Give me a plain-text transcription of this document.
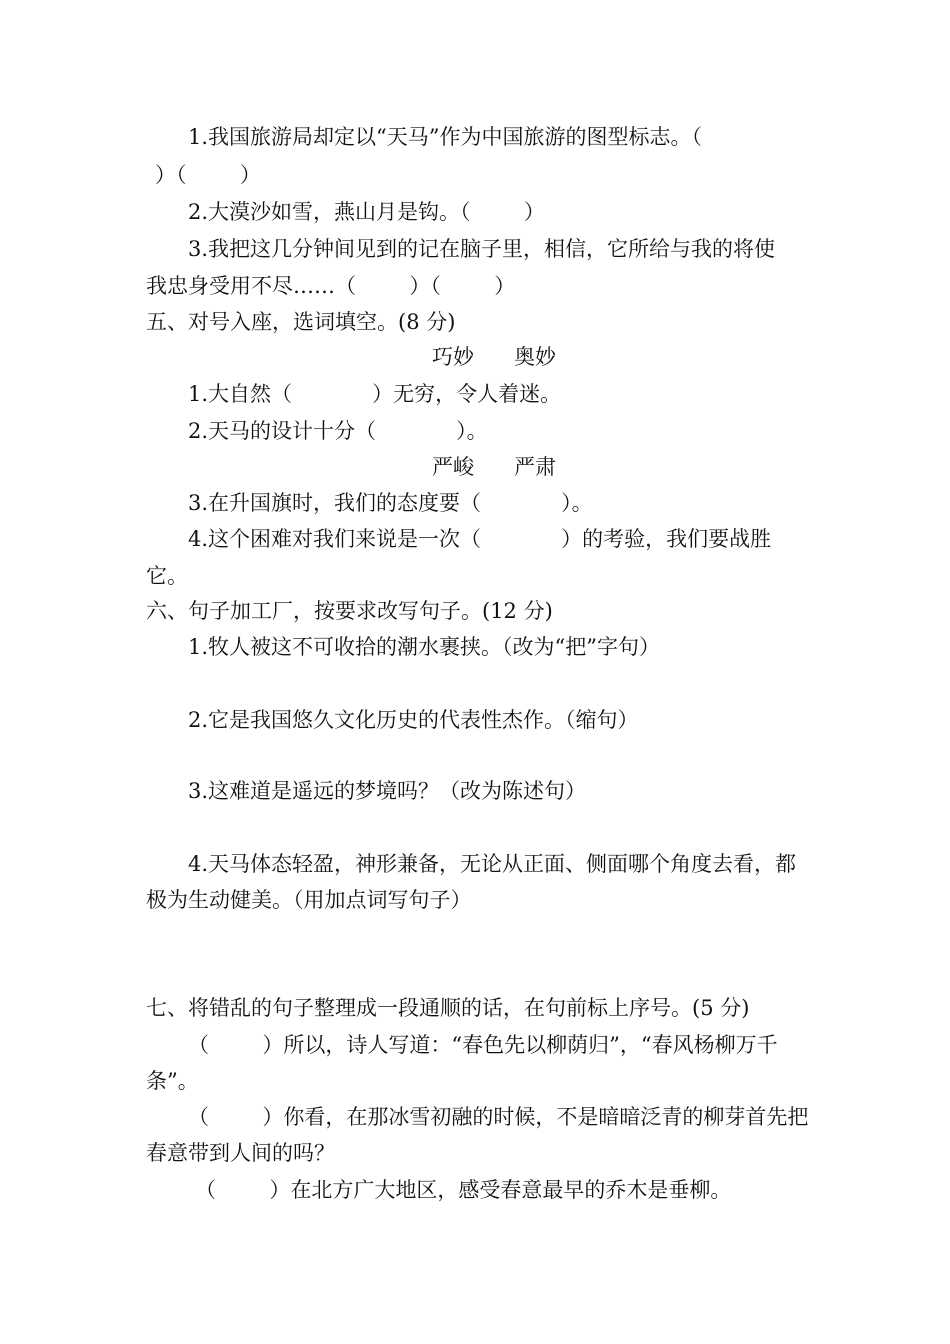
1.我国旅游局却定以“天马”作为中国旅游的图型标志。（

）（        ）

2.大漠沙如雪，燕山月是钩。（        ）

3.我把这几分钟间见到的记在脑子里，相信，它所给与我的将使

我忠身受用不尽……（        ）（        ）

五、对号入座，选词填空。(8 分)

巧妙      奥妙

1.大自然（            ）无穷，令人着迷。

2.天马的设计十分（            ）。

严峻      严肃

3.在升国旗时，我们的态度要（            ）。

4.这个困难对我们来说是一次（            ）的考验，我们要战胜

它。

六、句子加工厂，按要求改写句子。(12 分)

1.牧人被这不可收拾的潮水裹挟。（改为“把”字句）

2.它是我国悠久文化历史的代表性杰作。（缩句）

3.这难道是遥远的梦境吗？（改为陈述句）

4.天马体态轻盈，神形兼备，无论从正面、侧面哪个角度去看，都

极为生动健美。（用加点词写句子）

七、将错乱的句子整理成一段通顺的话，在句前标上序号。(5 分)

（        ）所以，诗人写道：“春色先以柳荫归”，“春风杨柳万千

条”。

（        ）你看，在那冰雪初融的时候，不是暗暗泛青的柳芽首先把

春意带到人间的吗？

（        ）在北方广大地区，感受春意最早的乔木是垂柳。
